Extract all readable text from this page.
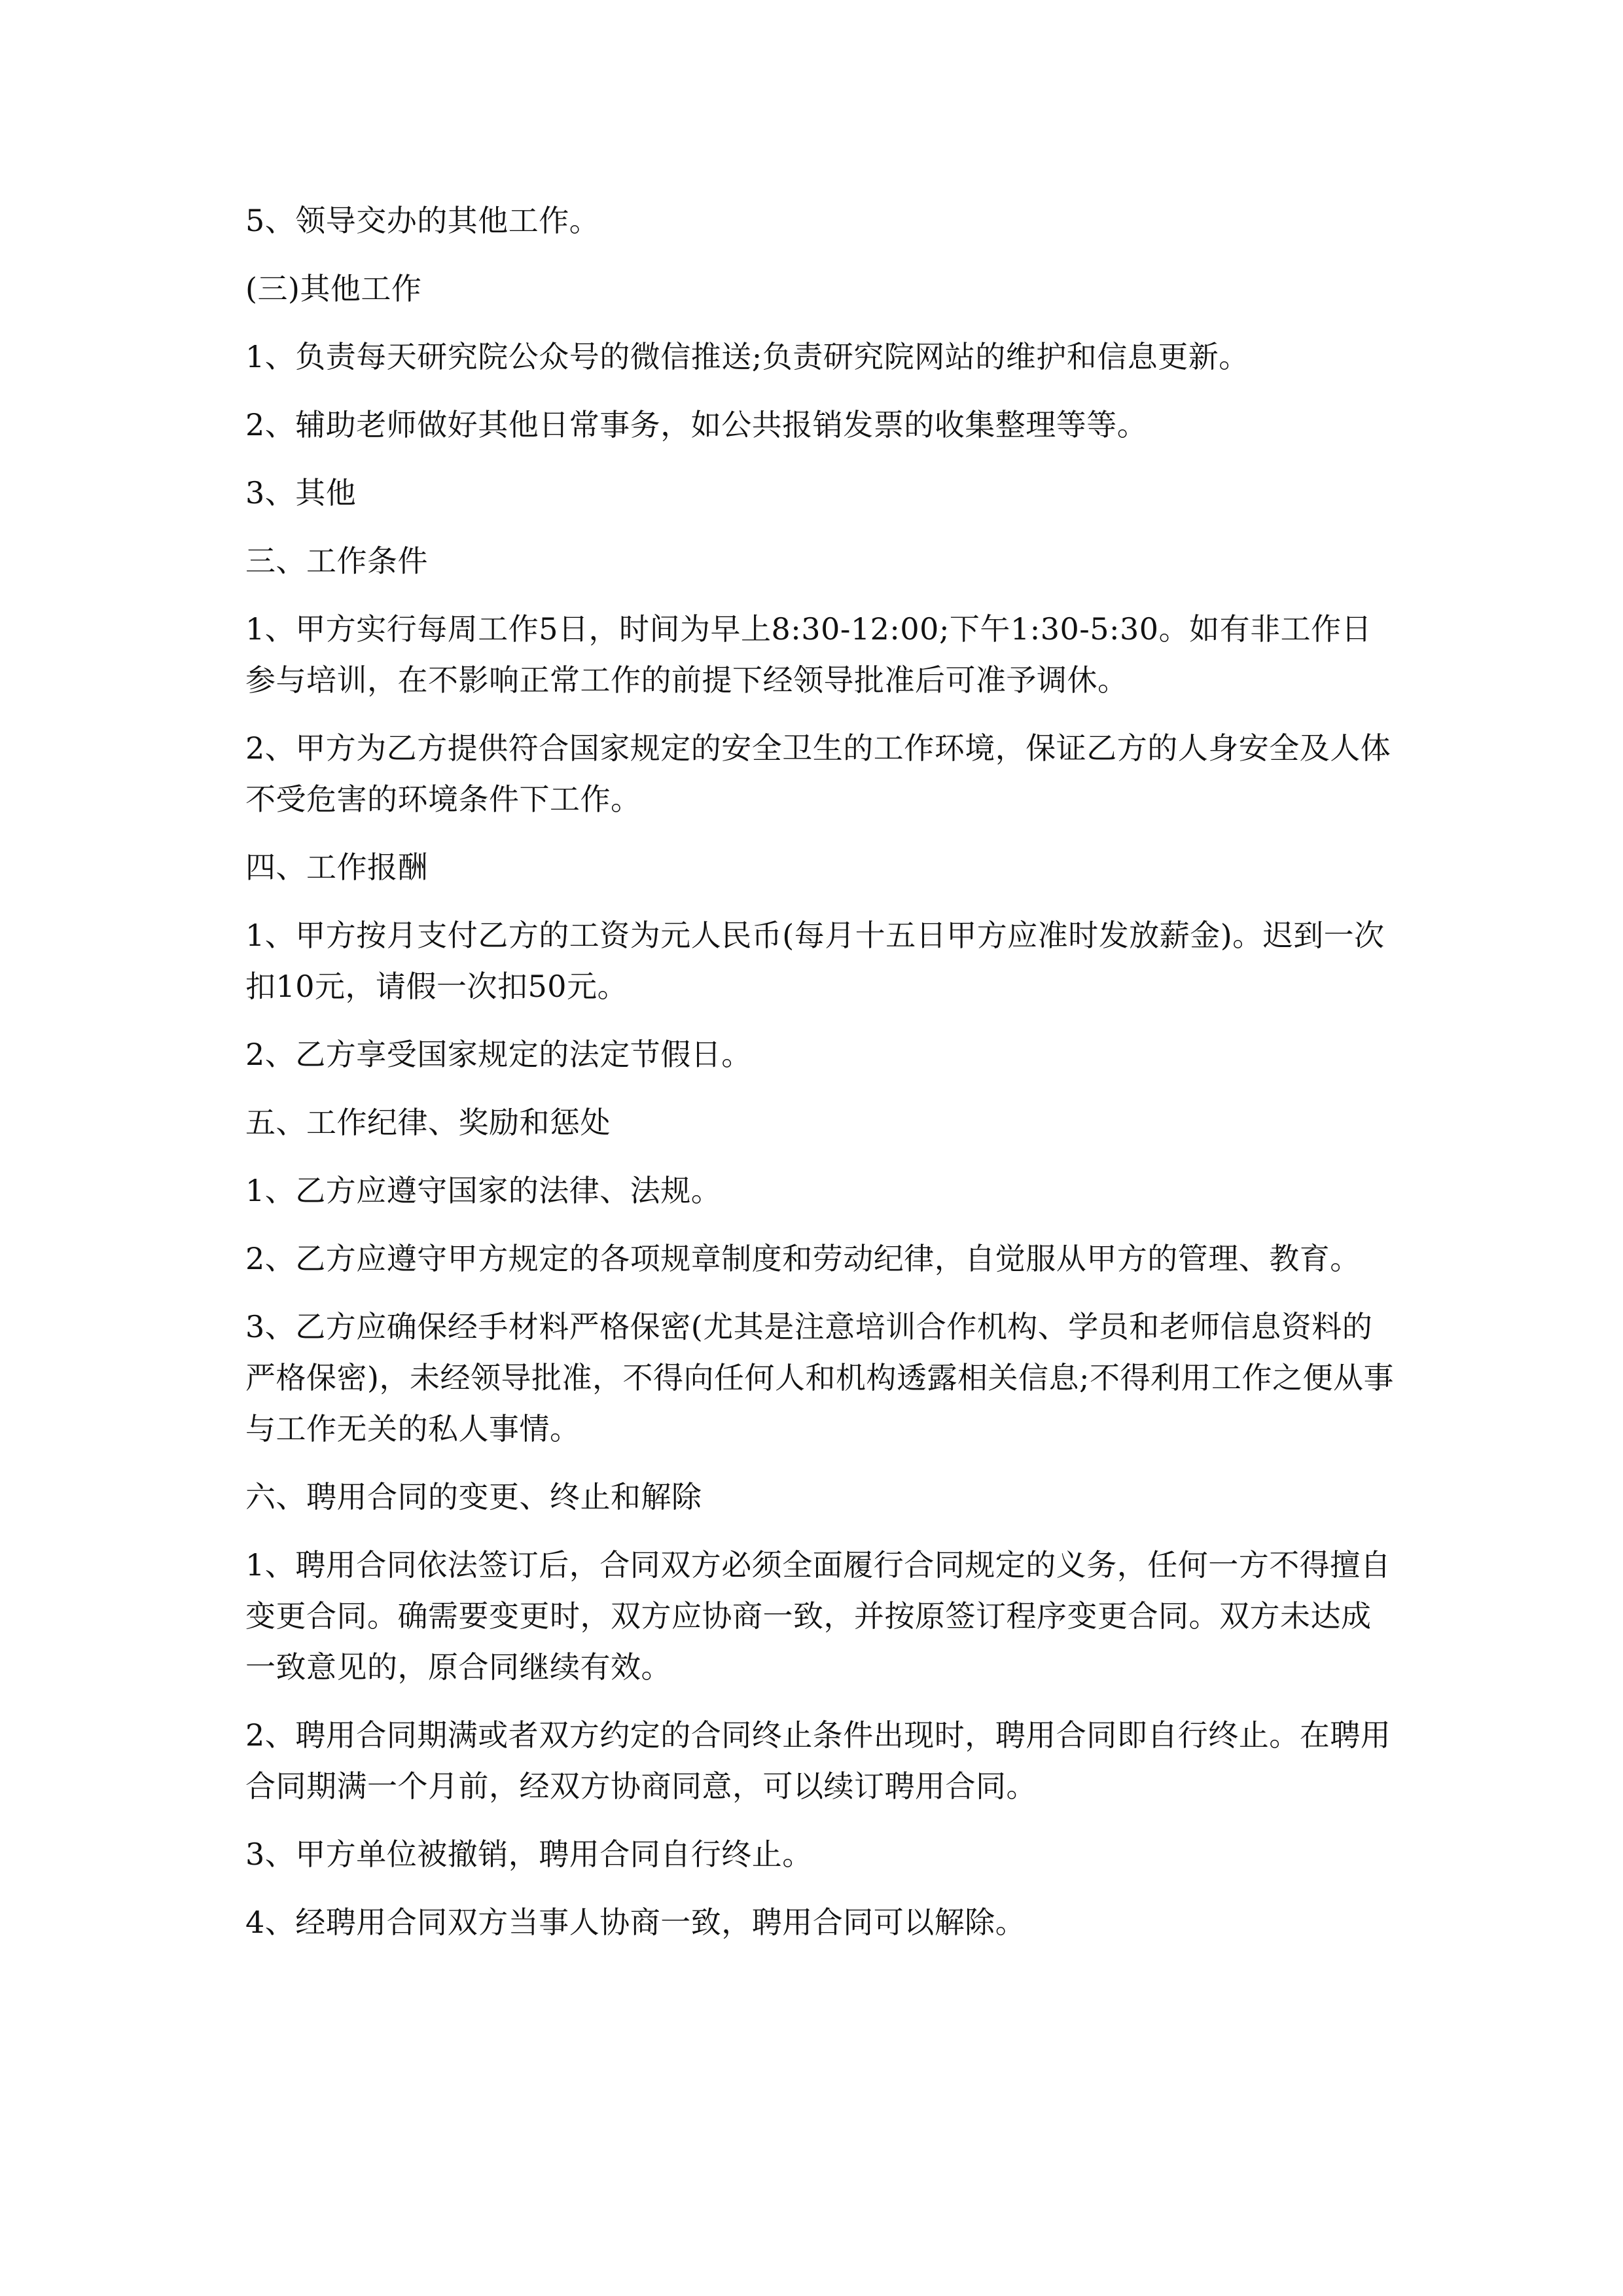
5、领导交办的其他工作。

(三)其他工作

1、负责每天研究院公众号的微信推送;负责研究院网站的维护和信息更新。

2、辅助老师做好其他日常事务，如公共报销发票的收集整理等等。

3、其他

三、工作条件

1、甲方实行每周工作5日，时间为早上8:30-12:00;下午1:30-5:30。如有非工作日参与培训，在不影响正常工作的前提下经领导批准后可准予调休。

2、甲方为乙方提供符合国家规定的安全卫生的工作环境，保证乙方的人身安全及人体不受危害的环境条件下工作。

四、工作报酬

1、甲方按月支付乙方的工资为元人民币(每月十五日甲方应准时发放薪金)。迟到一次扣10元，请假一次扣50元。

2、乙方享受国家规定的法定节假日。

五、工作纪律、奖励和惩处

1、乙方应遵守国家的法律、法规。

2、乙方应遵守甲方规定的各项规章制度和劳动纪律，自觉服从甲方的管理、教育。

3、乙方应确保经手材料严格保密(尤其是注意培训合作机构、学员和老师信息资料的严格保密)，未经领导批准，不得向任何人和机构透露相关信息;不得利用工作之便从事与工作无关的私人事情。

六、聘用合同的变更、终止和解除

1、聘用合同依法签订后，合同双方必须全面履行合同规定的义务，任何一方不得擅自变更合同。确需要变更时，双方应协商一致，并按原签订程序变更合同。双方未达成一致意见的，原合同继续有效。

2、聘用合同期满或者双方约定的合同终止条件出现时，聘用合同即自行终止。在聘用合同期满一个月前，经双方协商同意，可以续订聘用合同。

3、甲方单位被撤销，聘用合同自行终止。

4、经聘用合同双方当事人协商一致，聘用合同可以解除。
